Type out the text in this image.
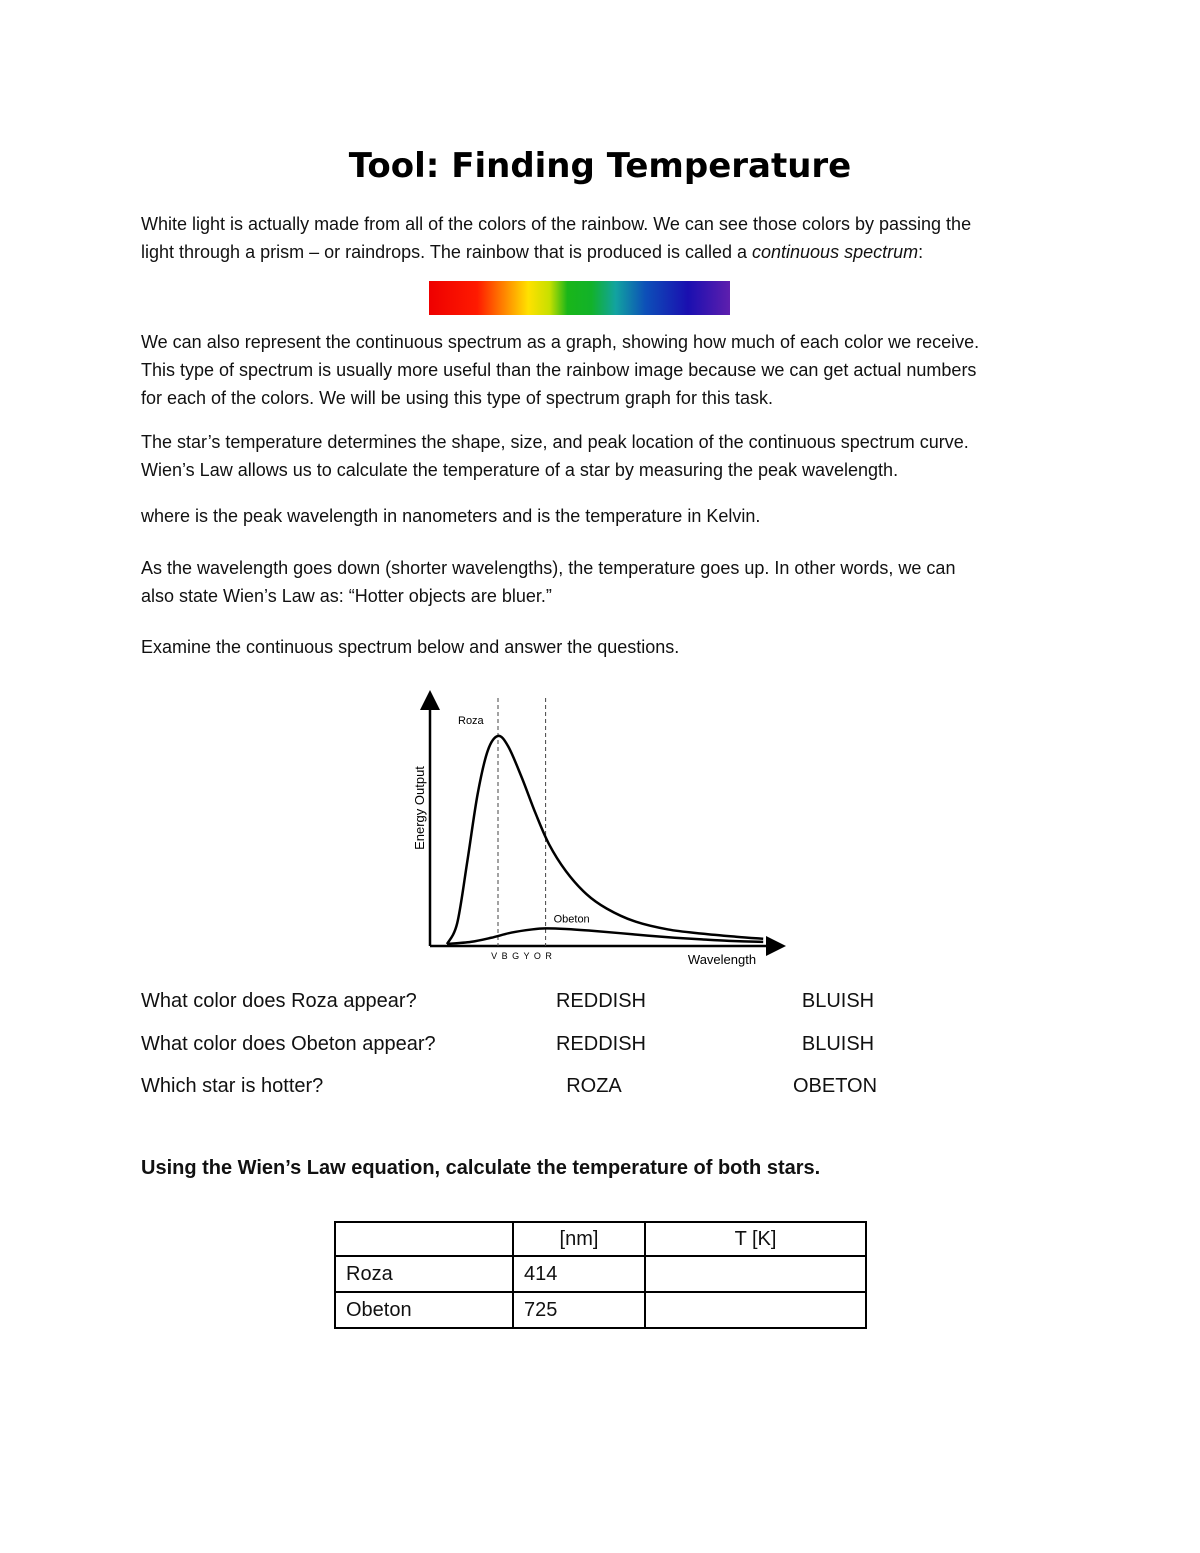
Tool: Finding Temperature

White light is actually made from all of the colors of the rainbow. We can see those colors by passing the
light through a prism – or raindrops. The rainbow that is produced is called a continuous spectrum:

We can also represent the continuous spectrum as a graph, showing how much of each color we receive.
This type of spectrum is usually more useful than the rainbow image because we can get actual numbers
for each of the colors. We will be using this type of spectrum graph for this task.

The star’s temperature determines the shape, size, and peak location of the continuous spectrum curve.
Wien’s Law allows us to calculate the temperature of a star by measuring the peak wavelength.

where is the peak wavelength in nanometers and is the temperature in Kelvin.

As the wavelength goes down (shorter wavelengths), the temperature goes up. In other words, we can
also state Wien’s Law as: “Hotter objects are bluer.”

Examine the continuous spectrum below and answer the questions.

Roza
Obeton
Energy Output
Wavelength
V B G Y O R
What color does Roza appear?	REDDISH	BLUISH
What color does Obeton appear?	REDDISH	BLUISH
Which star is hotter?	ROZA	OBETON
Using the Wien’s Law equation, calculate the temperature of both stars.
	[nm]	T [K]
Roza	414	
Obeton	725	
